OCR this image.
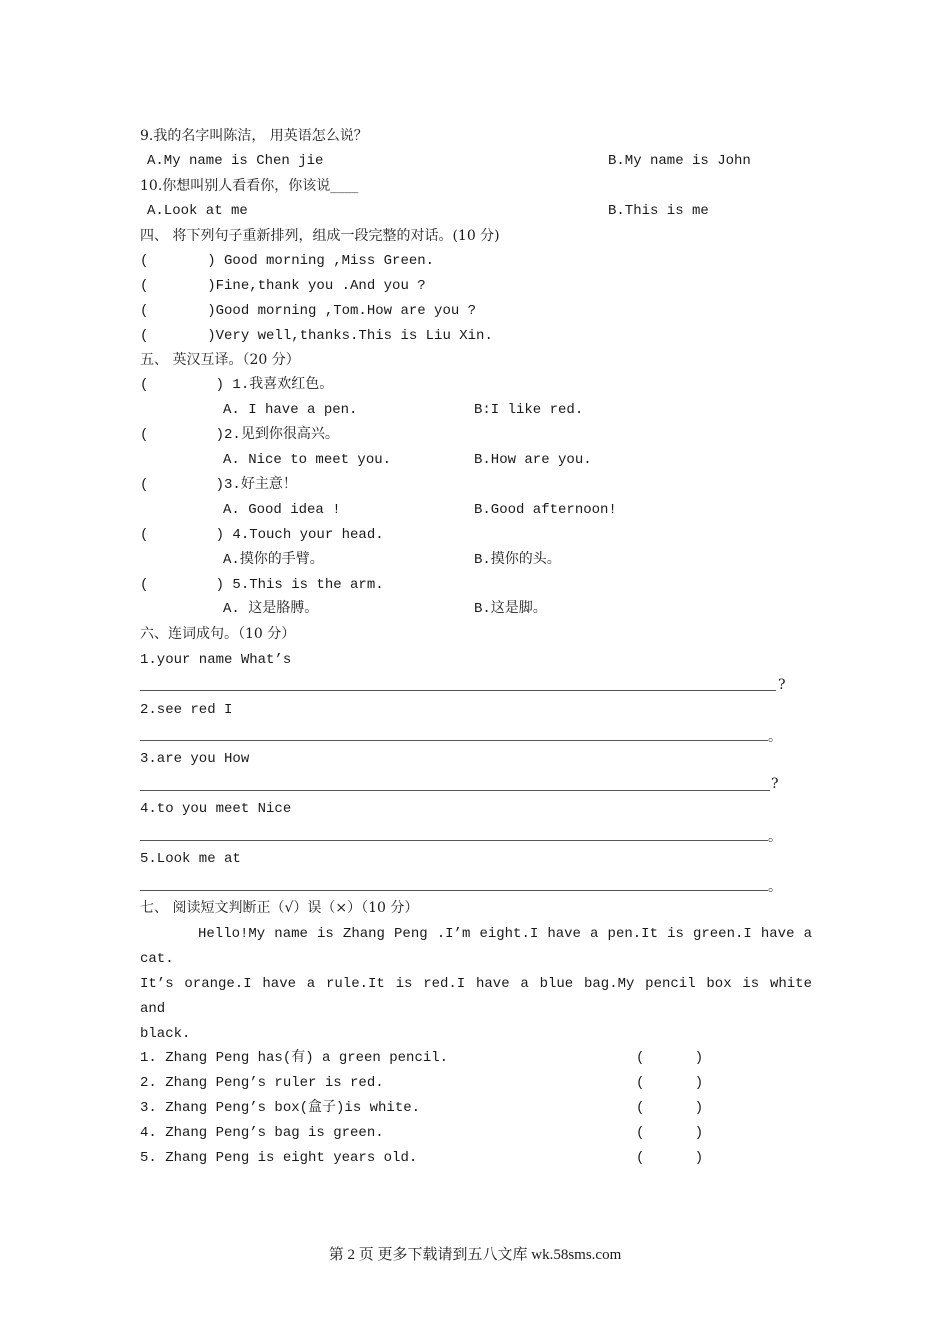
9.我的名字叫陈洁， 用英语怎么说？
A.My name is Chen jie	B.My name is John
10.你想叫别人看看你，你该说____
A.Look at me	B.This is me
四、 将下列句子重新排列，组成一段完整的对话。(10 分)
(       ) Good morning ,Miss Green.
(       )Fine,thank you .And you ?
(       )Good morning ,Tom.How are you ?
(       )Very well,thanks.This is Liu Xin.
五、 英汉互译。（20 分）
(        ) 1.我喜欢红色。
A. I have a pen.	B:I like red.
(        )2.见到你很高兴。
A. Nice to meet you.	B.How are you.
(        )3.好主意！
A. Good idea !	B.Good afternoon!
(        ) 4.Touch your head.
A.摸你的手臂。	B.摸你的头。
(        ) 5.This is the arm.
A. 这是胳膊。	B.这是脚。
六、连词成句。（10 分）
1.your name What’s
?
2.see red I
。
3.are you How
?
4.to you meet Nice
。
5.Look me at
。
七、 阅读短文判断正（√）误（×）（10 分）
Hello!My name is Zhang Peng .I’m eight.I have a pen.It is green.I have a
cat.
It’s orange.I have a rule.It is red.I have a blue bag.My pencil box is white
and
black.
1. Zhang Peng has(有) a green pencil.	(      )
2. Zhang Peng’s ruler is red.	(      )
3. Zhang Peng’s box(盒子)is white.	(      )
4. Zhang Peng’s bag is green.	(      )
5. Zhang Peng is eight years old.	(      )
第 2 页 更多下载请到五八文库 wk.58sms.com
